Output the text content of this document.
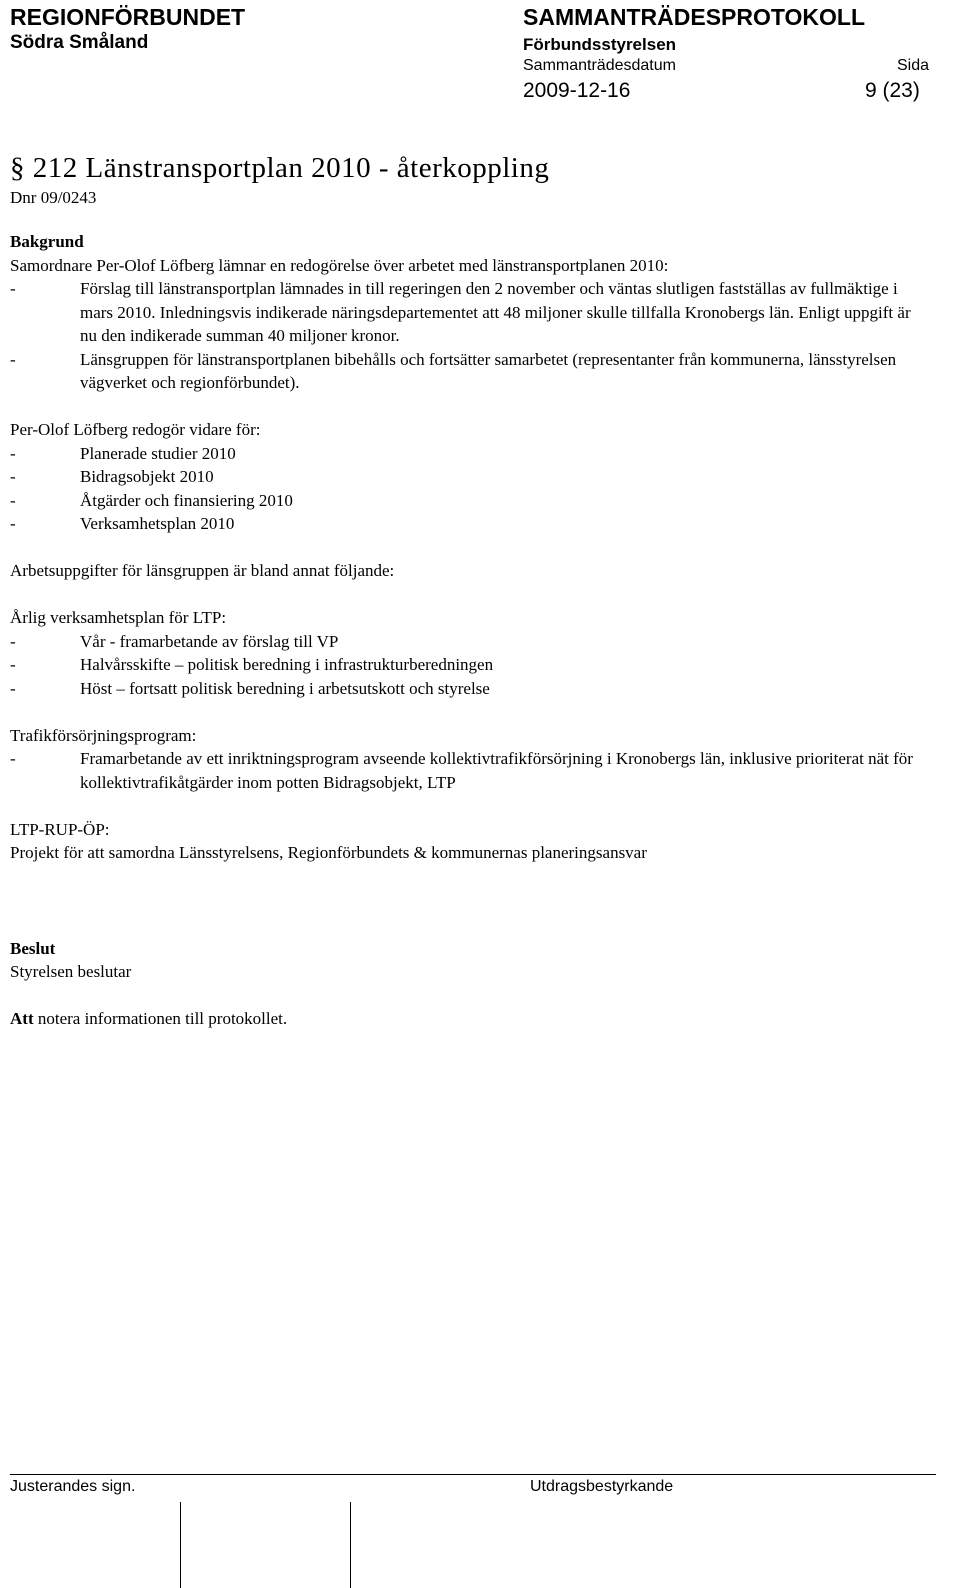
REGIONFÖRBUNDET
Södra Småland
SAMMANTRÄDESPROTOKOLL
Förbundsstyrelsen
Sammanträdesdatum	Sida
2009-12-16	9 (23)
§ 212 Länstransportplan 2010 - återkoppling
Dnr 09/0243
Bakgrund
Samordnare Per-Olof Löfberg lämnar en redogörelse över arbetet med länstransportplanen 2010:
-	Förslag till länstransportplan lämnades in till regeringen den 2 november och väntas slutligen fastställas av fullmäktige i mars 2010. Inledningsvis indikerade näringsdepartementet att 48 miljoner skulle tillfalla Kronobergs län. Enligt uppgift är nu den indikerade summan 40 miljoner kronor.
-	Länsgruppen för länstransportplanen bibehålls och fortsätter samarbetet (representanter från kommunerna, länsstyrelsen vägverket och regionförbundet).
Per-Olof Löfberg redogör vidare för:
-	Planerade studier 2010
-	Bidragsobjekt 2010
-	Åtgärder och finansiering 2010
-	Verksamhetsplan 2010
Arbetsuppgifter för länsgruppen är bland annat följande:
Årlig verksamhetsplan för LTP:
-	Vår - framarbetande av förslag till VP
-	Halvårsskifte – politisk beredning i infrastrukturberedningen
-	Höst – fortsatt politisk beredning i arbetsutskott och styrelse
Trafikförsörjningsprogram:
-	Framarbetande av ett inriktningsprogram avseende kollektivtrafikförsörjning i Kronobergs län, inklusive prioriterat nät för kollektivtrafikåtgärder inom potten Bidragsobjekt, LTP
LTP-RUP-ÖP:
Projekt för att samordna Länsstyrelsens, Regionförbundets & kommunernas planeringsansvar
Beslut
Styrelsen beslutar
Att notera informationen till protokollet.
Justerandes sign.	Utdragsbestyrkande
